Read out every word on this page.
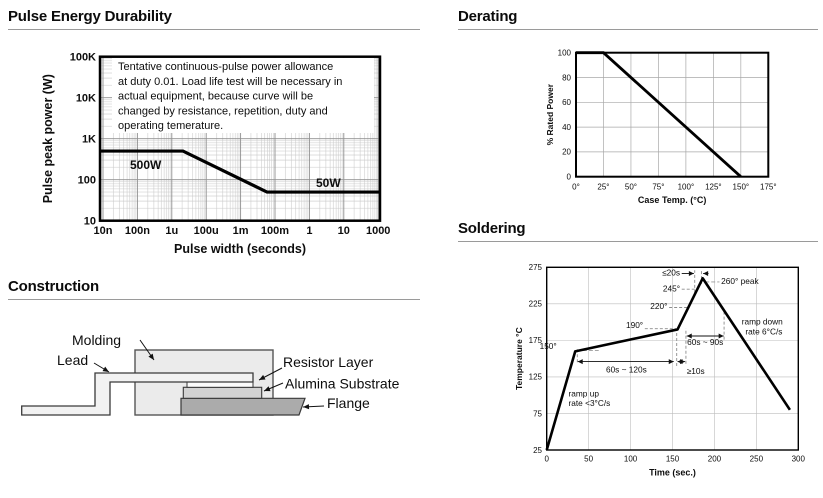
Pulse Energy Durability
Tentative continuous-pulse power allowance
at duty 0.01. Load life test will be necessary in
actual equipment, because curve will be
changed by resistance, repetition, duty and
operating temerature.
500W
50W
10
100
1K
10K
100K
10n 100n 1u 100u 1m 100m 1 10 1000
Pulse peak power (W)
Pulse width (seconds)
Derating
0
20
40
60
80
100
0° 25° 50° 75° 100° 125° 150° 175°
% Rated Power
Case Temp. (°C)
Construction
Molding
Lead	Resistor Layer
Alumina Substrate
Flange
Soldering
150°
190°
220°
245°
≤20s
260° peak
60s ~ 120s	≥10s
60s ~ 90s
ramp up
rate <3°C/s
ramp down
rate 6°C/s
25
75
125
175
225
275
0	50	100	150	200	250	300
Temperature °C
Time (sec.)
